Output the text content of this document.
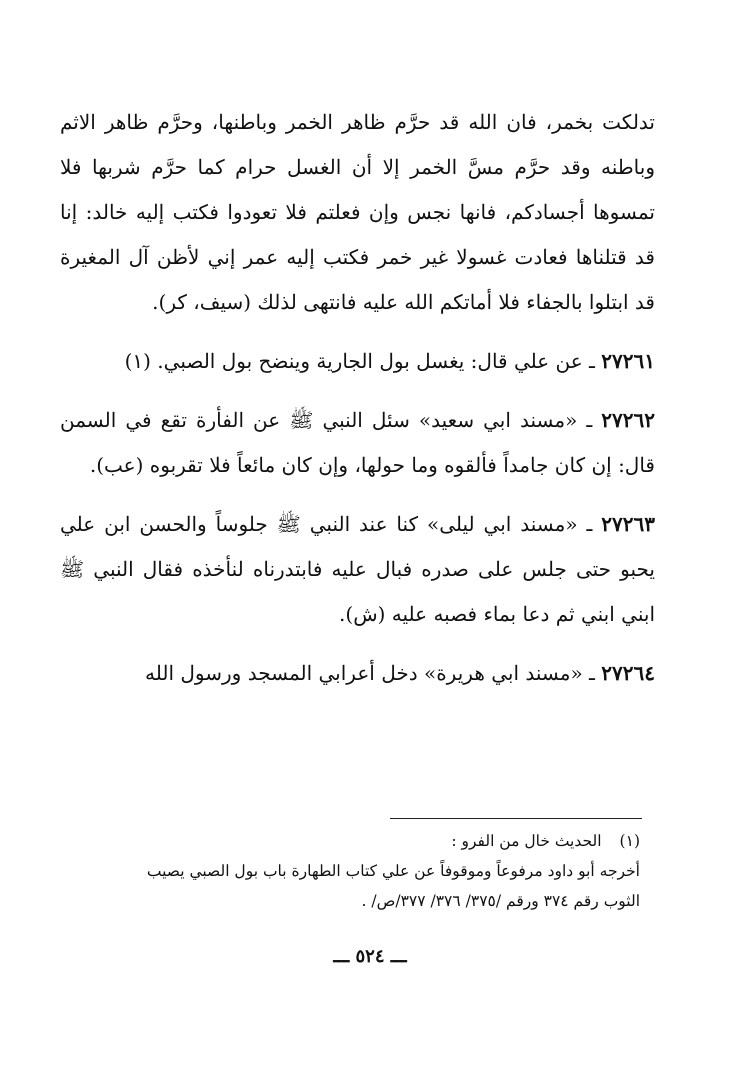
تدلكت بخمر، فان الله قد حرَّم ظاهر الخمر وباطنها، وحرَّم ظاهر الاثم وباطنه وقد حرَّم مسَّ الخمر إلا أن الغسل حرام كما حرَّم شربها فلا تمسوها أجسادكم، فانها نجس وإن فعلتم فلا تعودوا فكتب إليه خالد: إنا قد قتلناها فعادت غسولا غير خمر فكتب إليه عمر إني لأظن آل المغيرة قد ابتلوا بالجفاء فلا أماتكم الله عليه فانتهى لذلك (سيف، كر).

٢٧٢٦١ ـ عن علي قال: يغسل بول الجارية وينضح بول الصبي. (١)

٢٧٢٦٢ ـ «مسند ابي سعيد» سئل النبي ﷺ عن الفأرة تقع في السمن قال: إن كان جامداً فألقوه وما حولها، وإن كان مائعاً فلا تقربوه (عب).

٢٧٢٦٣ ـ «مسند ابي ليلى» كنا عند النبي ﷺ جلوساً والحسن ابن علي يحبو حتى جلس على صدره فبال عليه فابتدرناه لنأخذه فقال النبي ﷺ ابني ابني ثم دعا بماء فصبه عليه (ش).

٢٧٢٦٤ ـ «مسند ابي هريرة» دخل أعرابي المسجد ورسول الله

(١)الحديث خال من الفرو :
أخرجه أبو داود مرفوعاً وموقوفاً عن علي كتاب الطهارة باب بول الصبي يصيب
الثوب رقم ٣٧٤ ورقم /٣٧٥/ ٣٧٦/ ٣٧٧/ص/ .
ـــ ٥٢٤ ـــ
